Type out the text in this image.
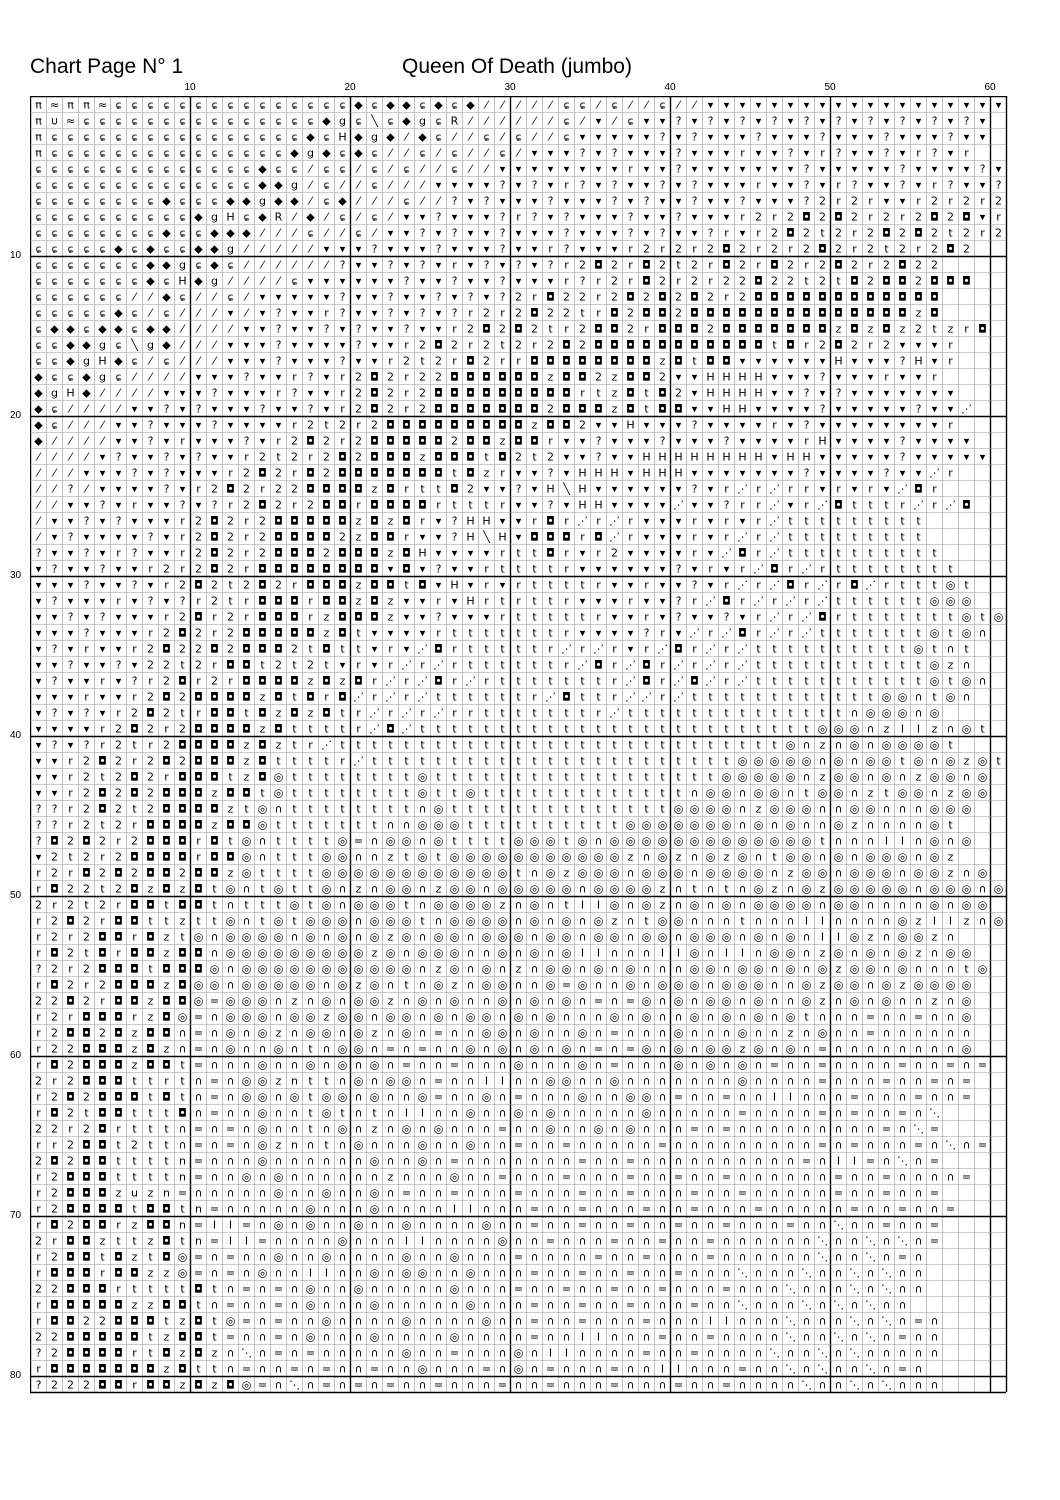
Chart Page N° 1	Queen Of Death (jumbo)
10	20	30	40	50	60
10
20
30
40
50
60
70
80
π ≈ π π ≈ ɕ ɕ ɕ ɕ ɕ ɕ ɕ ɕ ɕ ɕ ɕ ɕ ɕ ɕ ɕ ◆ ɕ ◆ ◆ ɕ ◆ ɕ ◆ ⁄ ⁄ ⁄ ⁄ ⁄ ɕ ɕ ⁄ ɕ ⁄ ⁄ ɕ ⁄ ⁄ ▾ ▾ ▾ ▾ ▾ ▾ ▾ ▾ ▾ ▾ ▾ ▾ ▾ ▾ ▾ ▾ ▾ ▾ ▾
π ∪ ≈ ɕ ɕ ɕ ɕ ɕ ɕ ɕ ɕ ɕ ɕ ɕ ɕ ɕ ɕ ɕ ◆ g ɕ ╲ ɕ ◆ g ɕ R ⁄ ⁄ ⁄ ⁄ ⁄ ⁄ ɕ ⁄ ▾ ⁄ ɕ ▾ ▾ ? ▾ ? ▾ ? ▾ ? ▾ ? ▾ ? ▾ ? ▾ ? ▾ ? ▾ ? ▾
π ɕ ɕ ɕ ɕ ɕ ɕ ɕ ɕ ɕ ɕ ɕ ɕ ɕ ɕ ɕ ɕ ◆ ɕ H ◆ g ◆ ⁄ ◆ ɕ ⁄ ⁄ ɕ ⁄ ɕ ⁄ ⁄ ɕ ▾ ▾ ▾ ▾ ▾ ? ▾ ? ▾ ▾ ▾ ? ▾ ▾ ▾ ? ▾ ▾ ▾ ? ▾ ▾ ▾ ? ▾ ▾
π ɕ ɕ ɕ ɕ ɕ ɕ ɕ ɕ ɕ ɕ ɕ ɕ ɕ ɕ ɕ ◆ g ◆ ɕ ◆ ɕ ⁄ ⁄ ɕ ⁄ ɕ ⁄ ⁄ ɕ ⁄ ▾ ▾ ▾ ? ▾ ? ▾ ▾ ▾ ? ▾ ▾ ▾ r ▾ ▾ ? ▾ r ? ▾ ▾ ? ▾ r ? ▾ r
ɕ ɕ ɕ ɕ ɕ ɕ ɕ ɕ ɕ ɕ ɕ ɕ ɕ ɕ ◆ ɕ ɕ ⁄ ɕ ɕ ⁄ ɕ ⁄ ɕ ⁄ ⁄ ɕ ⁄ ⁄ ▾ ▾ ▾ ▾ ▾ ▾ ▾ ▾ r ▾ ▾ ? ▾ ▾ ▾ ▾ ▾ ▾ ▾ ? ▾ ▾ ▾ ▾ ▾ ? ▾ ▾ ▾ ▾ ? ▾
ɕ ɕ ɕ ɕ ɕ ɕ ɕ ɕ ɕ ɕ ɕ ɕ ɕ ɕ ◆ ◆ g ⁄ ɕ ⁄ ⁄ ɕ ⁄ ⁄ ⁄ ▾ ▾ ▾ ▾ ? ▾ ? ▾ r ? ▾ ? ▾ ▾ ? ▾ ? ▾ ▾ ▾ r ▾ ▾ ? ▾ r ? ▾ ▾ ? ▾ r ? ▾ ▾ ?
ɕ ɕ ɕ ɕ ɕ ɕ ɕ ɕ ◆ ɕ ɕ ɕ ◆ ◆ g ◆ ◆ ⁄ ɕ ◆ ⁄ ⁄ ⁄ ɕ ⁄ ⁄ ? ▾ ? ▾ ▾ ▾ ? ▾ ▾ ▾ ? ▾ ? ▾ ▾ ? ▾ ▾ ? ▾ ▾ ▾ ? 2 r 2 r ▾ ▾ r 2 r 2 r 2
ɕ ɕ ɕ ɕ ɕ ɕ ɕ ɕ ɕ ɕ ◆ g H ɕ ◆ R ⁄ ◆ ⁄ ɕ ⁄ ɕ ⁄ ▾ ▾ ? ▾ ▾ ▾ ? r ? ▾ ? ▾ ▾ ▾ ? ▾ ▾ ? ▾ ▾ ▾ r 2 r 2 ◘ 2 ◘ 2 r 2 r 2 ◘ 2 ◘ ▾ r
ɕ ɕ ɕ ɕ ɕ ɕ ɕ ɕ ◆ ɕ ɕ ◆ ◆ ◆ ⁄ ⁄ ⁄ ɕ ⁄ ⁄ ɕ ⁄ ▾ ▾ ? ▾ ? ▾ ▾ ? ▾ ▾ ▾ ? ▾ ▾ ▾ ? ▾ ? ▾ ▾ ? r ▾ r 2 ◘ 2 t 2 r 2 ◘ 2 ◘ 2 t 2 r 2
ɕ ɕ ɕ ɕ ɕ ◆ ɕ ◆ ɕ ɕ ◆ ◆ g ⁄ ⁄ ⁄ ⁄ ⁄ ▾ ▾ ▾ ? ▾ ▾ ▾ ? ▾ ▾ ▾ ? ▾ ▾ r ? ▾ ▾ ▾ r 2 r 2 r 2 ◘ 2 r 2 r 2 ◘ 2 r 2 t 2 r 2 ◘ 2
ɕ ɕ ɕ ɕ ɕ ɕ ɕ ◆ ◆ g ɕ ◆ ɕ ⁄ ⁄ ⁄ ⁄ ⁄ ⁄ ? ▾ ▾ ? ▾ ? ▾ r ▾ ? ▾ ? ▾ ? r 2 ◘ 2 r ◘ 2 t 2 r ◘ 2 r ◘ 2 r 2 ◘ 2 r 2 ◘ 2 2
ɕ ɕ ɕ ɕ ɕ ɕ ɕ ◆ ɕ H ◆ g ⁄ ⁄ ⁄ ⁄ ɕ ▾ ▾ ▾ ▾ ▾ ▾ ? ▾ ▾ ? ▾ ▾ ? ▾ ▾ ▾ r ? r 2 r ◘ 2 r 2 r 2 2 ◘ 2 2 t 2 t ◘ 2 ◘ ◘ 2 ◘ ◘ ◘
ɕ ɕ ɕ ɕ ɕ ɕ ⁄ ⁄ ◆ ɕ ⁄ ⁄ ɕ ⁄ ▾ ▾ ▾ ▾ ▾ ? ▾ ▾ ? ▾ ▾ ? ▾ ? ▾ ? 2 r ◘ 2 2 r 2 ◘ 2 ◘ 2 ◘ 2 r 2 ◘ ◘ ◘ ◘ ◘ ◘ ◘ ◘ ◘ ◘ ◘ ◘
ɕ ɕ ɕ ɕ ɕ ◆ ɕ ⁄ ɕ ⁄ ⁄ ⁄ ▾ ⁄ ▾ ? ▾ ▾ r ? ▾ ▾ ? ▾ ? ▾ ? r 2 r 2 ◘ 2 2 t r ◘ 2 ◘ ◘ 2 ◘ ◘ ◘ ◘ ◘ ◘ ◘ ◘ ◘ ◘ ◘ ◘ ◘ ◘ z ◘
ɕ ◆ ◆ ɕ ◆ ◆ ɕ ◆ ◆ ⁄ ⁄ ⁄ ⁄ ▾ ▾ ? ▾ ▾ ? ▾ ? ▾ ▾ ? ▾ ▾ r 2 ◘ 2 ◘ 2 t r 2 ◘ ◘ 2 r ◘ ◘ ◘ 2 ◘ ◘ ◘ ◘ ◘ ◘ ◘ z ◘ z ◘ z 2 t z r ◘
ɕ ɕ ◆ ◆ g ɕ ╲ g ◆ ⁄ ⁄ ⁄ ▾ ▾ ▾ ? ▾ ▾ ▾ ▾ ? ▾ ▾ r 2 ◘ 2 r 2 t 2 r 2 ◘ 2 ◘ ◘ ◘ ◘ ◘ ◘ ◘ ◘ ◘ ◘ ◘ t ◘ r 2 ◘ 2 r 2 ▾ ▾ ▾ r
ɕ ɕ ◆ g H ◆ ɕ ⁄ ɕ ⁄ ⁄ ⁄ ▾ ▾ ▾ ? ▾ ▾ ▾ ? ▾ ▾ r 2 t 2 r ◘ 2 r r ◘ ◘ ◘ ◘ ◘ ◘ ◘ ◘ z ◘ t ◘ ◘ ▾ ▾ ▾ ▾ ▾ ▾ H ▾ ▾ ▾ ? H ▾ r
◆ ɕ ɕ ◆ g ɕ ⁄ ⁄ ⁄ ⁄ ▾ ▾ ▾ ? ▾ ▾ r ? ▾ r 2 ◘ 2 r 2 2 ◘ ◘ ◘ ◘ ◘ ◘ z ◘ ◘ 2 z ◘ ◘ 2 ▾ ▾ H H H H ▾ ▾ ▾ ? ▾ ▾ ▾ r ▾ ▾ r
◆ g H ◆ ⁄ ⁄ ⁄ ⁄ ▾ ▾ ▾ ? ▾ ▾ ▾ r ? ▾ ▾ r 2 ◘ 2 r 2 ◘ ◘ ◘ ◘ ◘ ◘ ◘ ◘ ◘ r t z ◘ t ◘ 2 ▾ H H H H ▾ ▾ ? ▾ ? ▾ ▾ ▾ ▾ ▾ ▾ ▾
◆ ɕ ⁄ ⁄ ⁄ ⁄ ▾ ▾ ? ▾ ? ▾ ▾ ▾ ? ▾ ▾ ? ▾ r 2 ◘ 2 r 2 ◘ ◘ ◘ ◘ ◘ ◘ ◘ 2 ◘ ◘ ◘ z ◘ t ◘ ◘ ▾ ▾ H H ▾ ▾ ▾ ▾ ? ▾ ▾ ▾ ▾ ▾ ? ▾ ▾ ⋰
◆ ɕ ⁄ ⁄ ⁄ ▾ ▾ ? ▾ ▾ ▾ ? ▾ ▾ ▾ ▾ r 2 t 2 r 2 ◘ ◘ ◘ ◘ ◘ ◘ ◘ ◘ ◘ z ◘ ◘ 2 ▾ ▾ H ▾ ▾ ▾ ? ▾ ▾ ▾ ▾ r ▾ ? ▾ ▾ ▾ ▾ ▾ ▾ ▾ ▾ r
◆ ⁄ ⁄ ⁄ ⁄ ▾ ▾ ? ▾ r ▾ ▾ ▾ ? ▾ r 2 ◘ 2 r 2 ◘ ◘ ◘ ◘ ◘ 2 ◘ ◘ z ◘ ◘ r ▾ ▾ ? ▾ ▾ ▾ ? ▾ ▾ ▾ ? ▾ ▾ ▾ ▾ r H ▾ ▾ ▾ ▾ ? ▾ ▾ ▾ ▾
⁄ ⁄ ⁄ ⁄ ▾ ? ▾ ▾ ? ▾ ? ▾ ▾ r 2 t 2 r 2 ◘ 2 ◘ ◘ ◘ z ◘ ◘ ◘ t ◘ 2 t 2 ▾ ▾ ? ▾ ▾ H H H H H H H H ▾ H H ▾ ▾ ▾ ▾ ▾ ? ▾ ▾ ▾ ▾ ▾
⁄ ⁄ ⁄ ▾ ▾ ▾ ? ▾ ? ▾ ▾ ▾ r 2 ◘ 2 r ◘ 2 ◘ ◘ ◘ ◘ ◘ ◘ ◘ t ◘ z r ▾ ▾ ? ▾ H H H ▾ H H H ▾ ▾ ▾ ▾ ▾ ▾ ▾ ? ▾ ▾ ▾ ▾ ? ▾ ▾ ⋰ r
⁄ ⁄ ? ⁄ ▾ ▾ ▾ ▾ ? ▾ r 2 ◘ 2 r 2 2 ◘ ◘ ◘ ◘ z ◘ r t t ◘ 2 ▾ ▾ ? ▾ H ╲ H ▾ ▾ ▾ ▾ ▾ ▾ ? ▾ r ⋰ r ⋰ r r ▾ r ▾ r ▾ ⋰ ◘ r
⁄ ⁄ ▾ ▾ ? ▾ r ▾ ▾ ? ▾ ? r 2 ◘ 2 r 2 ◘ ◘ r ◘ ◘ ◘ ◘ r t t t r ▾ ▾ ? ▾ H H ▾ ▾ ▾ ▾ ⋰ ▾ ▾ ? r r ⋰ ▾ r ⋰ ◘ t t t r ⋰ r ⋰ ◘
⁄ ▾ ▾ ? ▾ ? ▾ ▾ ▾ r 2 ◘ 2 r 2 ◘ ◘ ◘ ◘ ◘ z ◘ z ◘ r ▾ ? H H ▾ ▾ r ◘ r ⋰ r ⋰ r ▾ ▾ ▾ r ▾ r ▾ r ⋰ t t t t t t t t t
⁄ ▾ ? ▾ ▾ ▾ ▾ ? ▾ r 2 ◘ 2 r 2 ◘ ◘ ◘ ◘ 2 z ◘ ◘ r ▾ ▾ ? H ╲ H ▾ ◘ ◘ ◘ r ◘ ⋰ r ▾ ▾ ▾ r ▾ r ⋰ r ⋰ t t t t t t t t t
? ▾ ▾ ? ▾ r ? ▾ ▾ r 2 ◘ 2 r 2 ◘ ◘ ◘ 2 ◘ ◘ ◘ z ◘ H ▾ ▾ ▾ ▾ r t t ◘ r ▾ r 2 ▾ ▾ ▾ ▾ r ▾ ⋰ ◘ r ⋰ t t t t t t t t t t
▾ ? ▾ ▾ ? ▾ ▾ r 2 r 2 ◘ 2 r ◘ ◘ ◘ ◘ ◘ ◘ ◘ ◘ ▾ ◘ ▾ ? ▾ ▾ r t t t t r ▾ ▾ ▾ ▾ ▾ ▾ ? ▾ r ▾ r ⋰ ◘ r ⋰ r t t t t t t t t
▾ ▾ ▾ ? ▾ ▾ ? ▾ r 2 ◘ 2 t 2 ◘ 2 r ◘ ◘ ◘ z ◘ ◘ t ◘ ▾ H ▾ r ▾ r t t t t r ▾ ▾ r ▾ ▾ ? ▾ r ⋰ r ⋰ ◘ r ⋰ r ◘ ⋰ r t t t ◎ t
▾ ? ▾ ▾ ▾ r ▾ ? ▾ ? r 2 t r ◘ ◘ ◘ r ◘ ◘ z ◘ z ▾ ▾ r ▾ H r t r t t r ▾ ▾ ▾ r ▾ ▾ ? r ⋰ ◘ r ⋰ r ⋰ r ⋰ t t t t t t ◎ ◎ ◎
▾ ▾ ? ▾ ? ▾ ▾ ▾ r 2 ◘ r 2 r ◘ ◘ ◘ r z ◘ ◘ ◘ z ▾ ▾ ? ▾ ▾ ▾ r t t t t t r ▾ ▾ r ▾ ? ▾ ▾ ? ▾ r ⋰ r ⋰ ◘ r t t t t t t t ◎ t ◎
▾ ▾ ▾ ? ▾ ▾ ▾ r 2 ◘ 2 r 2 ◘ ◘ ◘ ◘ ◘ z ◘ t ▾ ▾ ▾ ▾ r t t t t t t t r ▾ ▾ ▾ ▾ ? r ▾ ⋰ r ⋰ ◘ r ⋰ r ⋰ t t t t t t t ◎ t ◎ ∩
▾ ? ▾ r ▾ ▾ r 2 ◘ 2 2 ◘ 2 ◘ ◘ ◘ 2 t ◘ t t ▾ r ▾ ⋰ ◘ r t t t t t r ⋰ r ⋰ r ▾ r ⋰ ◘ r ⋰ r ⋰ t t t t t t t t t t ◎ t ∩ t
▾ ▾ ? ▾ ▾ ? ▾ 2 2 t 2 r ◘ ◘ t 2 t 2 t ▾ r ▾ r ⋰ r ⋰ r t t t t t t r ⋰ ◘ r ⋰ ◘ r ⋰ r ⋰ r ⋰ t t t t t t t t t t t ◎ z ∩
▾ ? ▾ ▾ r ▾ ? r 2 ◘ r 2 r ◘ ◘ ◘ ◘ z ◘ z ◘ r ⋰ r ⋰ ◘ r ⋰ r t t t t t t t r ⋰ ◘ r ⋰ ◘ ⋰ r ⋰ t t t t t t t t t t t ◎ t ◎ ∩
▾ ▾ ▾ r ▾ ▾ r 2 ◘ 2 ◘ ◘ ◘ ◘ z ◘ t ◘ r ◘ ⋰ r ⋰ r ⋰ t t t t t t r ⋰ ◘ t t r ⋰ ⋰ r ⋰ t t t t t t t t t t t t ◎ ◎ ∩ t ◎ ∩
▾ ? ▾ ? ▾ r 2 ◘ 2 t r ◘ ◘ t ◘ z ◘ z ◘ t r ⋰ r ⋰ r ⋰ r r t t t t t t t r ⋰ t t t t t t t t t t t t t t ∩ ◎ ◎ ◎ ∩ ◎
▾ ▾ ▾ ▾ r 2 ◘ 2 r 2 ◘ ◘ ◘ ◘ z ◘ t t t t r ⋰ ◘ ⋰ t t t t t t t t t t t t t t t t t t t t t t t t t ◎ ◎ ◎ ∩ z I I z ∩ ◎ t
▾ ? ▾ ? r 2 t r 2 ◘ ◘ ◘ ◘ z ◘ z t r ⋰ t t t t t t t t t t t t t t t t t t t t t t t t t t t t ◎ ∩ z ∩ ◎ ∩ ◎ ◎ ◎ ◎ t
▾ ▾ r 2 ◘ 2 r 2 ◘ 2 ◘ ◘ ◘ z ◘ t t t t r ⋰ t t t t t t t t t t t t t t t t t t t t t t t ◎ ◎ ◎ ◎ ◎ ∩ ◎ ∩ ◎ ◎ t ◎ ∩ ◎ z ◎ t
▾ ▾ r 2 t 2 ◘ 2 r ◘ ◘ ◘ t z ◘ ◎ t t t t t t t t ◎ t t t t t t t t t t t t t t t t t t ◎ ◎ ◎ ◎ ◎ ∩ z ◎ ◎ ∩ ◎ ∩ z ◎ ◎ ∩ ◎
▾ ▾ r 2 ◘ 2 ◘ 2 ◘ ◘ ◘ z ◘ ◘ t ◎ t t t t t t t t ◎ t t ◎ t t t t t t t t t t t t t ∩ ◎ ◎ ∩ ◎ ◎ ∩ t ◎ ◎ ∩ z t ◎ ◎ ∩ z ◎ ◎
? ? r 2 ◘ 2 t 2 ◘ ◘ ◘ ◘ z t ◎ ∩ t t t t t t t t ∩ ◎ t t t t t t t t t t t t t t ◎ ◎ ◎ ◎ ∩ z ◎ ◎ ◎ ∩ ∩ ◎ ◎ ∩ ∩ ∩ ◎ ◎ ◎
? ? r 2 t 2 r ◘ ◘ ◘ ◘ z ◘ ◘ ◎ t t t t t t t ∩ ∩ ◎ ◎ ◎ t t t t t t t t t t ◎ ◎ ◎ ◎ ◎ ◎ ◎ ∩ ◎ ∩ ◎ ∩ ∩ ◎ z ∩ ∩ ∩ ∩ ◎ t
? ◘ 2 ◘ 2 r 2 ◘ ◘ ◘ r ◘ t ◎ ∩ t t t t ◎ = ∩ ◎ ◎ ∩ ◎ t t t t ◎ ◎ ◎ t ◎ ∩ ◎ ◎ ◎ ◎ ◎ ◎ ◎ ◎ ◎ ◎ ◎ ◎ ◎ t ∩ ∩ ∩ I I ∩ ◎ ∩ ◎
▾ 2 t 2 r 2 ◘ ◘ ◘ ◘ r ◘ ◘ ◎ ∩ t t t ◎ ◎ ∩ ∩ z t ◎ t ◎ ◎ ◎ ◎ ◎ ◎ ◎ ◎ ◎ ◎ ◎ z ∩ ◎ z ∩ ◎ z ◎ ∩ t ◎ ◎ ∩ ◎ ∩ ◎ ◎ ◎ ∩ ◎ z
r 2 r ◘ 2 ◘ 2 ◘ ◘ 2 ◘ ◘ z ◎ t t t t ◎ ◎ ◎ ◎ ◎ ◎ ◎ ◎ ◎ ◎ ◎ ◎ t ∩ ◎ z ◎ ◎ ◎ ∩ ◎ ◎ ◎ ∩ ◎ ◎ ◎ ◎ ∩ z ◎ ◎ ∩ ◎ ◎ ◎ ∩ ◎ ◎ z ∩ ◎
r ◘ 2 2 t 2 ◘ z ◘ z ◘ t ◎ ∩ t ◎ t t ◎ ∩ z ∩ ◎ ◎ ∩ z ◎ ◎ ∩ ◎ ◎ ◎ ◎ ◎ ∩ ◎ ◎ ◎ ◎ z ∩ t ∩ t ∩ ◎ z ∩ ◎ z ◎ ◎ ◎ ◎ ◎ ∩ ◎ ◎ ◎ ∩ ◎
2 r 2 t 2 r ◘ ◘ t ◘ ◘ t ∩ t t t ◎ t ◎ ∩ ◎ ◎ ◎ t ∩ ◎ ◎ ◎ ◎ z ∩ ◎ ∩ t I I ◎ ∩ ◎ z ∩ ◎ ∩ ◎ ∩ ◎ ◎ ◎ ◎ ∩ ◎ ◎ ∩ ∩ ∩ ∩ ◎ ∩ ◎ ◎
r 2 ◘ 2 r ◘ ◘ t t z t t ◎ ∩ t ◎ t ◎ ◎ ◎ ∩ ◎ ◎ ◎ t ∩ ◎ ◎ ◎ ◎ ∩ ◎ ∩ ◎ ∩ ◎ z ∩ t ◎ ◎ ∩ ∩ ∩ t ∩ ∩ ∩ I I ∩ ∩ ∩ ∩ ◎ z I I z ∩ ◎
r 2 r 2 ◘ ◘ r ◘ z t ◎ ∩ ◎ ◎ ◎ ◎ ∩ ◎ ∩ ◎ ∩ ◎ z ◎ ∩ ◎ ◎ ∩ ◎ ◎ ◎ ∩ ◎ ◎ ∩ ◎ ◎ ∩ ◎ ◎ ∩ ◎ ◎ ◎ ∩ ◎ ∩ ◎ ∩ I I ◎ z ∩ ◎ ◎ z ∩
r ◘ 2 t ◘ r ◘ ◘ z ◘ ◘ ∩ ◎ ◎ ◎ ◎ ◎ ◎ ◎ ◎ ◎ z ◎ ∩ ◎ ◎ ◎ ∩ ∩ ◎ ∩ ◎ ∩ ◎ I I ∩ ∩ ∩ I I ◎ ∩ I I ∩ ◎ ◎ ∩ z ◎ ∩ ◎ ∩ ◎ z ∩ ◎ ◎
? 2 r 2 ◘ ◘ ◘ t ◘ ◘ ◘ ◎ ∩ ◎ ◎ ◎ ◎ ◎ ◎ ◎ ◎ ◎ ◎ ◎ ∩ z ◎ ∩ ◎ ∩ z ∩ ◎ ◎ ∩ ◎ ∩ ◎ ∩ ∩ ∩ ◎ ◎ ∩ ◎ ◎ ∩ ◎ ∩ ◎ z ◎ ◎ ∩ ◎ ∩ ∩ ∩ t ◎
r ◘ 2 r 2 ◘ ◘ ◘ z ◘ ◎ ◎ ∩ ◎ ◎ ◎ ◎ ◎ ∩ ◎ z ◎ ∩ t ∩ ◎ z ∩ ◎ ◎ ∩ ∩ ◎ = ◎ ∩ ∩ ◎ ∩ ◎ ◎ ◎ ∩ ◎ ◎ ◎ ∩ ∩ ◎ z ◎ ◎ ∩ ◎ z ◎ ◎ ◎ ◎
2 2 ◘ 2 r ◘ ◘ z ◘ ◘ ◎ = ◎ ◎ ◎ ∩ z ∩ ◎ ∩ ◎ ◎ z ∩ ◎ ∩ ◎ ∩ ∩ ◎ ∩ ◎ ∩ ◎ ∩ = ∩ = ◎ ∩ ◎ ∩ ◎ ◎ ∩ ◎ ∩ ∩ ◎ z ∩ ◎ ∩ ◎ ∩ ∩ z ∩ ◎
r 2 r ◘ ◘ ◘ r z ◘ ◎ = ∩ ◎ ◎ ◎ ∩ ◎ ◎ z ◎ ◎ ∩ ◎ ◎ ∩ ◎ ∩ ◎ ◎ ∩ ◎ ∩ ◎ ∩ ∩ ∩ ◎ ∩ ◎ ∩ ∩ ◎ ∩ ◎ ∩ ◎ ∩ ◎ t ∩ ∩ ∩ = ∩ ∩ = ∩ ∩ ◎
r 2 ◘ ◘ 2 ◘ z ◘ ◘ ∩ = ∩ ◎ ∩ ◎ z ∩ ◎ ◎ ∩ ◎ z ∩ ◎ ∩ = ∩ ∩ ◎ ◎ ∩ ◎ ∩ ∩ ◎ ∩ = ∩ ∩ ∩ ◎ ∩ ∩ ∩ ◎ ∩ ∩ z ∩ ◎ ∩ ∩ = ∩ ∩ ∩ ∩ ∩ ∩
r 2 2 ◘ ◘ ◘ z ◘ z ∩ = ∩ ◎ ∩ ∩ ◎ ∩ t ∩ ◎ ◎ ∩ = ∩ = ∩ ∩ ◎ ∩ ◎ ∩ ◎ ∩ ◎ ∩ = ∩ = ◎ ∩ ◎ ∩ ◎ ◎ z ◎ ∩ ◎ ∩ = ∩ ∩ ∩ ∩ ∩ ∩ ∩ ∩ ◎
r ◘ 2 ◘ ◘ ◘ z ◘ ◘ t = ∩ ∩ ∩ ◎ ∩ ∩ ◎ ∩ ◎ ∩ ◎ ∩ = ∩ ∩ = ∩ ∩ ∩ ◎ ∩ ∩ ∩ ◎ ∩ = ∩ ∩ ∩ ◎ ∩ ◎ ∩ ◎ ∩ = ∩ ∩ = ∩ ∩ ∩ ∩ = ∩ ∩ = ∩ =
2 r 2 ◘ ◘ ◘ t t r t ∩ = ∩ ◎ ◎ z n t t ∩ ◎ ∩ ◎ ◎ ∩ = ∩ ∩ I I ∩ ∩ ◎ ◎ ∩ ∩ ◎ ∩ ∩ ∩ ∩ ∩ ∩ ∩ ◎ ∩ ∩ ∩ ∩ = ∩ ∩ ∩ = ∩ ∩ = ∩ =
r 2 ◘ 2 ◘ ◘ ◘ t ◘ t ∩ = ∩ ◎ ◎ ∩ ◎ t ◎ ◎ ∩ ◎ ∩ ∩ ◎ = ∩ ∩ ◎ ∩ = ∩ ∩ ∩ ◎ ∩ ∩ ◎ ◎ ∩ = ∩ ∩ = ∩ ∩ I I ∩ ∩ ∩ = ∩ ∩ ∩ = ∩ ∩ =
r ◘ 2 t ◘ ◘ t t t ◘ ∩ = ∩ ∩ ◎ ∩ ∩ t ◎ t ∩ t ∩ I I ∩ ∩ ◎ ∩ ∩ ◎ ∩ ◎ ∩ ∩ ∩ ∩ ∩ ◎ ∩ ∩ ∩ ∩ ∩ = ∩ ∩ ∩ ∩ = ∩ = ∩ ∩ = ∩ ⋱
2 2 r 2 ◘ r t t t ∩ = ∩ = ∩ ◎ ∩ ∩ t ∩ ◎ ∩ z ∩ ◎ ∩ ◎ ∩ ∩ ∩ = ∩ ∩ ◎ ∩ ∩ ◎ ∩ ◎ ∩ ∩ ∩ = ∩ = ∩ ∩ ∩ ∩ ∩ ∩ ∩ ∩ ∩ = ∩ ⋱ =
r r 2 ◘ ◘ t 2 t t ∩ = ∩ = ∩ ◎ z n ∩ t ∩ ◎ ∩ ∩ ∩ ◎ ∩ ∩ ◎ ∩ ∩ = ∩ ∩ = ∩ ∩ ∩ ∩ ∩ = ∩ ∩ ∩ ∩ ∩ ∩ ∩ ∩ ∩ = ∩ = ∩ ∩ ∩ = ∩ ⋱ ∩ =
2 ◘ 2 ◘ ◘ t t t t n = ∩ ∩ ∩ ◎ ∩ ∩ ∩ ∩ ∩ ∩ ◎ ∩ ∩ ◎ ∩ = ∩ ∩ ∩ ∩ ∩ ∩ ∩ = ∩ ∩ = ∩ ∩ ∩ ∩ ∩ ∩ ∩ ∩ ∩ ∩ = ∩ I I = ∩ ⋱ ∩ =
r 2 ◘ ◘ ◘ t t t t n = ∩ ∩ ◎ ∩ ◎ ∩ ∩ ∩ ∩ ∩ ∩ z ∩ ∩ ∩ ◎ ∩ ∩ = ∩ ∩ ∩ = ∩ ∩ ∩ = ∩ ∩ = ∩ ∩ = ∩ ∩ ∩ ∩ ∩ ∩ = ∩ ∩ = ∩ ∩ ∩ ∩ =
r 2 ◘ ◘ ◘ z u z n = ∩ ∩ ∩ ∩ ∩ ◎ ∩ ∩ ◎ ∩ ∩ ◎ ∩ = ∩ ∩ = ∩ ∩ ∩ = ∩ ∩ ∩ = ∩ ∩ = ∩ ∩ ∩ = ∩ ∩ = ∩ ∩ ∩ ∩ ∩ = ∩ ∩ = ∩ ∩ =
r 2 ◘ ◘ ◘ ◘ t ◘ ◘ t n = ∩ ∩ ∩ ∩ ∩ ◎ ∩ ∩ ∩ ◎ ∩ ∩ ∩ ∩ I I ∩ ∩ ∩ = ∩ ∩ = ∩ ∩ ∩ = ∩ ∩ = ∩ ∩ ∩ = ∩ ∩ ∩ ∩ ∩ = ∩ ∩ = ∩ ∩ =
r ◘ 2 ◘ ◘ r z ◘ ◘ n = I I = ∩ ◎ ∩ ◎ ∩ ∩ ◎ ∩ ∩ ◎ ∩ ∩ ∩ ∩ ◎ ∩ ∩ = ∩ ∩ = ∩ ∩ = ∩ ∩ = ∩ ∩ = ∩ ∩ ∩ = ∩ ∩ ⋱ ∩ ∩ = ∩ ∩ =
2 r ◘ ◘ z t t z ◘ t n = I I = ∩ ∩ ∩ ∩ ◎ ∩ ∩ ∩ I I ∩ ∩ ∩ ∩ ◎ ∩ ∩ = ∩ ∩ ∩ = ∩ ∩ = ∩ ∩ = ∩ ∩ ∩ ∩ ∩ ∩ ⋱ ∩ ∩ ⋱ ∩ ⋱ ∩ =
r 2 ◘ ◘ t ◘ z t ◘ ◎ = ∩ = ∩ ∩ ◎ ∩ ∩ ◎ ∩ ∩ ∩ ∩ ◎ ∩ ∩ ◎ ∩ ∩ ∩ = ∩ ∩ ∩ ∩ = ∩ ∩ = ∩ ∩ ∩ = ∩ ∩ ∩ ∩ ∩ ∩ ⋱ ∩ ∩ ⋱ ∩ = ∩
r ◘ ◘ ◘ r ◘ ◘ z z ◎ = ∩ = ∩ ◎ ∩ ∩ I I ∩ ∩ ◎ ∩ ◎ ◎ ∩ ∩ ◎ ∩ ∩ ∩ = ∩ ∩ = ∩ ∩ = ∩ ∩ = ∩ ∩ ∩ ⋱ ∩ ∩ ∩ ⋱ ∩ ∩ ⋱ ∩ ⋱ ∩ ∩
2 2 ◘ ◘ ◘ r t t t t ◘ t ∩ = ∩ = ∩ ◎ ∩ ∩ ◎ ∩ ∩ ∩ ∩ ∩ ◎ ∩ ∩ ∩ = ∩ ∩ = ∩ ∩ = ∩ ∩ = ∩ ∩ ∩ = ∩ ∩ ∩ ⋱ ∩ ∩ ∩ ⋱ ∩ ⋱ ∩ ∩
r ◘ ◘ ◘ ◘ ◘ z z ◘ ◘ t ∩ = ∩ ∩ = ∩ ◎ ∩ ∩ ∩ ◎ ∩ ∩ ∩ ∩ ∩ ◎ ∩ ∩ ∩ = ∩ ∩ = ∩ ∩ = ∩ ∩ ∩ = ∩ ∩ ⋱ ∩ ∩ ∩ ⋱ ∩ ⋱ ∩ ⋱ ∩ ∩
r ◘ ◘ 2 2 ◘ ◘ ◘ t z ◘ t ◎ = ∩ = ∩ ∩ ◎ ∩ ∩ ∩ ∩ ◎ ∩ ∩ ∩ ∩ ◎ ∩ ∩ = ∩ ∩ = ∩ ∩ ∩ = ∩ ∩ ∩ I I ∩ ∩ ∩ ⋱ ∩ ∩ ∩ ⋱ ∩ ⋱ ∩ = ∩
2 2 ◘ ◘ ◘ ◘ ◘ t z ◘ ◘ t = ∩ ∩ = ∩ ◎ ∩ ∩ ∩ ◎ ∩ ∩ ∩ ∩ ◎ ∩ ∩ ∩ ∩ = ∩ ∩ I I ∩ ∩ ∩ = ∩ ∩ = ∩ ∩ ∩ ∩ ⋱ ∩ ∩ ⋱ ∩ ⋱ ∩ = ∩ ∩
? 2 ◘ ◘ ◘ ◘ r t ◘ z ◘ z ∩ ⋱ ∩ = ∩ = ∩ ∩ ∩ ∩ ∩ ◎ ∩ ∩ = ∩ ∩ ∩ ◎ ∩ I I ∩ ∩ ∩ ∩ = ∩ ∩ = ∩ ∩ ∩ ∩ ⋱ ∩ ∩ ⋱ ∩ ⋱ ∩ ∩ ∩ ∩ ∩
r ◘ ◘ ◘ ◘ ◘ ◘ ◘ z ◘ t t ∩ = ∩ ∩ = ∩ = ∩ ∩ = ∩ ∩ ◎ ∩ ∩ ∩ = ∩ ◎ ∩ = ∩ ∩ ∩ = ∩ ∩ I I ∩ ∩ ∩ = ∩ ∩ ⋱ ∩ ⋱ ∩ ∩ ⋱ ∩ = ∩
? 2 2 2 ◘ ◘ r ◘ ◘ z ◘ z ◘ ◎ = ∩ ⋱ ∩ = ∩ = ∩ = ∩ ∩ = ∩ ∩ ∩ = ∩ ∩ = ∩ ∩ ∩ = ∩ ∩ ∩ = ∩ ∩ = ∩ ∩ ∩ ∩ ⋱ ∩ ∩ ⋱ ∩ ⋱ ∩ ∩ ∩
